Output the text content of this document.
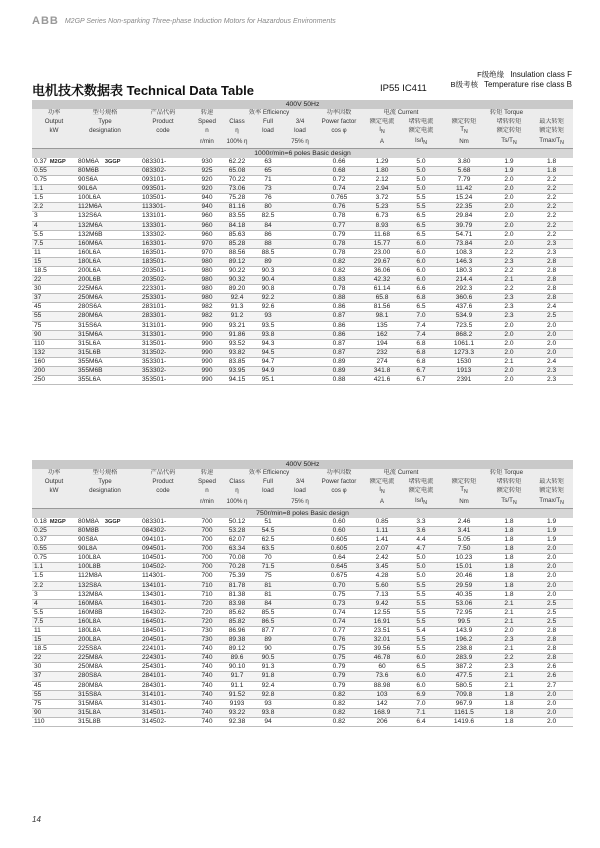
ABB M2GP Series Non-sparking Three-phase Induction Motors for Hazardous Environments
电机技术数据表 Technical Data Table	IP55 IC411
F级绝缘 Insulation class F
B级考核 Temperature rise class B
400V 50Hz												
功率	型号规格	产品代码	转速	效率 Efficiency			功率因数	电流 Current		转矩 Torque		
Output	Type	Product	Speed	Class	Full	3/4	Power factor	额定电流	堵转电流	额定转矩	堵转转矩	最大转矩
kW	designation	code	n	η	load	load	cos φ	$I_N$	额定电流	$T_N$	额定转矩	额定转矩
			r/min	100% η		75% η		A	$Is/I_N$	Nm	$Ts/T_N$	Tmax/$T_N$
1000r/min=6 poles Basic design												
0.37 M2GP	80M6A 3GGP	083301-	930	62.22	63		0.66	1.29	5.0	3.80	1.9	1.8
0.55	80M6B	083302-	925	65.08	65		0.68	1.80	5.0	5.68	1.9	1.8
0.75	90S6A	093101-	920	70.22	71		0.72	2.12	5.0	7.79	2.0	2.2
1.1	90L6A	093501-	920	73.06	73		0.74	2.94	5.0	11.42	2.0	2.2
1.5	100L6A	103501-	940	75.28	76		0.765	3.72	5.5	15.24	2.0	2.2
2.2	112M6A	113301-	940	81.16	80		0.76	5.23	5.5	22.35	2.0	2.2
3	132S6A	133101-	960	83.55	82.5		0.78	6.73	6.5	29.84	2.0	2.2
4	132M6A	133301-	960	84.18	84		0.77	8.93	6.5	39.79	2.0	2.2
5.5	132M6B	133302-	960	85.63	86		0.79	11.68	6.5	54.71	2.0	2.2
7.5	160M6A	163301-	970	85.28	88		0.78	15.77	6.0	73.84	2.0	2.3
11	160L6A	163501-	970	88.56	88.5		0.78	23.00	6.0	108.3	2.2	2.3
15	180L6A	183501-	980	89.12	89		0.82	29.67	6.0	146.3	2.3	2.8
18.5	200L6A	203501-	980	90.22	90.3		0.82	36.06	6.0	180.3	2.2	2.8
22	200L6B	203502-	980	90.32	90.4		0.83	42.32	6.0	214.4	2.1	2.8
30	225M6A	223301-	980	89.20	90.8		0.78	61.14	6.6	292.3	2.2	2.8
37	250M6A	253301-	980	92.4	92.2		0.88	65.8	6.8	360.6	2.3	2.8
45	280S6A	283101-	982	91.3	92.6		0.86	81.56	6.5	437.6	2.3	2.4
55	280M6A	283301-	982	91.2	93		0.87	98.1	7.0	534.9	2.3	2.5
75	315S6A	313101-	990	93.21	93.5		0.86	135	7.4	723.5	2.0	2.0
90	315M6A	313301-	990	91.86	93.8		0.86	162	7.4	868.2	2.0	2.0
110	315L6A	313501-	990	93.52	94.3		0.87	194	6.8	1061.1	2.0	2.0
132	315L6B	313502-	990	93.82	94.5		0.87	232	6.8	1273.3	2.0	2.0
160	355M6A	353301-	990	83.85	94.7		0.89	274	6.8	1530	2.1	2.4
200	355M6B	353302-	990	93.95	94.9		0.89	341.8	6.7	1913	2.0	2.3
250	355L6A	353501-	990	94.15	95.1		0.88	421.6	6.7	2391	2.0	2.3
400V 50Hz												
功率	型号规格	产品代码	转速	效率 Efficiency			功率因数	电流 Current		转矩 Torque		
Output	Type	Product	Speed	Class	Full	3/4	Power factor	额定电流	堵转电流	额定转矩	堵转转矩	最大转矩
kW	designation	code	n	η	load	load	cos φ	$I_N$	额定电流	$T_N$	额定转矩	额定转矩
			r/min	100% η		75% η		A	$Is/I_N$	Nm	$Ts/T_N$	Tmax/$T_N$
750r/min=8 poles Basic design												
0.18 M2GP	80M8A 3GGP	083301-	700	50.12	51		0.60	0.85	3.3	2.46	1.8	1.9
0.25	80M8B	084302-	700	53.28	54.5		0.60	1.11	3.6	3.41	1.8	1.9
0.37	90S8A	094101-	700	62.07	62.5		0.605	1.41	4.4	5.05	1.8	1.9
0.55	90L8A	094501-	700	63.34	63.5		0.605	2.07	4.7	7.50	1.8	2.0
0.75	100L8A	104501-	700	70.08	70		0.64	2.42	5.0	10.23	1.8	2.0
1.1	100L8B	104502-	700	70.28	71.5		0.645	3.45	5.0	15.01	1.8	2.0
1.5	112M8A	114301-	700	75.39	75		0.675	4.28	5.0	20.46	1.8	2.0
2.2	132S8A	134101-	710	81.78	81		0.70	5.60	5.5	29.59	1.8	2.0
3	132M8A	134301-	710	81.38	81		0.75	7.13	5.5	40.35	1.8	2.0
4	160M8A	164301-	720	83.98	84		0.73	9.42	5.5	53.06	2.1	2.5
5.5	160M8B	164302-	720	85.62	85.5		0.74	12.55	5.5	72.95	2.1	2.5
7.5	160L8A	164501-	720	85.82	86.5		0.74	16.91	5.5	99.5	2.1	2.5
11	180L8A	184501-	730	86.96	87.7		0.77	23.51	5.4	143.9	2.0	2.8
15	200L8A	204501-	730	89.38	89		0.76	32.01	5.5	196.2	2.3	2.8
18.5	225S8A	224101-	740	89.12	90		0.75	39.56	5.5	238.8	2.1	2.8
22	225M8A	224301-	740	89.6	90.5		0.75	46.78	6.0	283.9	2.2	2.8
30	250M8A	254301-	740	90.10	91.3		0.79	60	6.5	387.2	2.3	2.6
37	280S8A	284101-	740	91.7	91.8		0.79	73.6	6.0	477.5	2.1	2.6
45	280M8A	284301-	740	91.1	92.4		0.79	88.98	6.0	580.5	2.1	2.7
55	315S8A	314101-	740	91.52	92.8		0.82	103	6.9	709.8	1.8	2.0
75	315M8A	314301-	740	9193	93		0.82	142	7.0	967.9	1.8	2.0
90	315L8A	314501-	740	93.22	93.8		0.82	168.9	7.1	1161.5	1.8	2.0
110	315L8B	314502-	740	92.38	94		0.82	206	6.4	1419.6	1.8	2.0
14
